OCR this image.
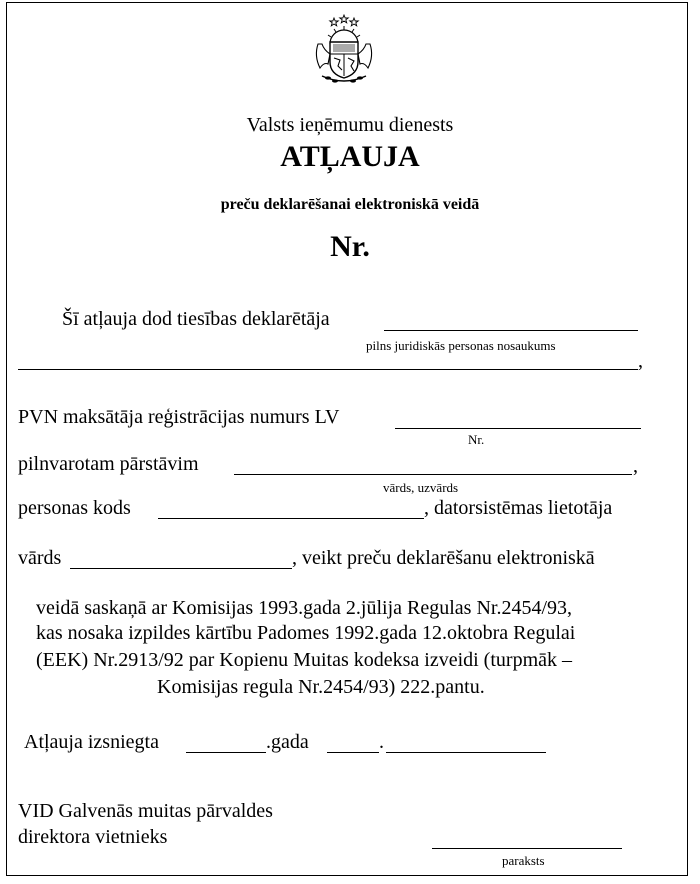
Valsts ieņēmumu dienests
ATĻAUJA
preču deklarēšanai elektroniskā veidā
Nr.
Šī atļauja dod tiesības deklarētāja
pilns juridiskās personas nosaukums
,
PVN maksātāja reģistrācijas numurs LV
Nr.
pilnvarotam pārstāvim	,
vārds, uzvārds
personas kods	, datorsistēmas lietotāja
vārds	, veikt preču deklarēšanu elektroniskā
veidā saskaņā ar Komisijas 1993.gada 2.jūlija Regulas Nr.2454/93,
kas nosaka izpildes kārtību Padomes 1992.gada 12.oktobra Regulai
(EEK) Nr.2913/92 par Kopienu Muitas kodeksa izveidi (turpmāk –
Komisijas regula Nr.2454/93) 222.pantu.
Atļauja izsniegta	.gada	.
VID Galvenās muitas pārvaldes
direktora vietnieks
paraksts
